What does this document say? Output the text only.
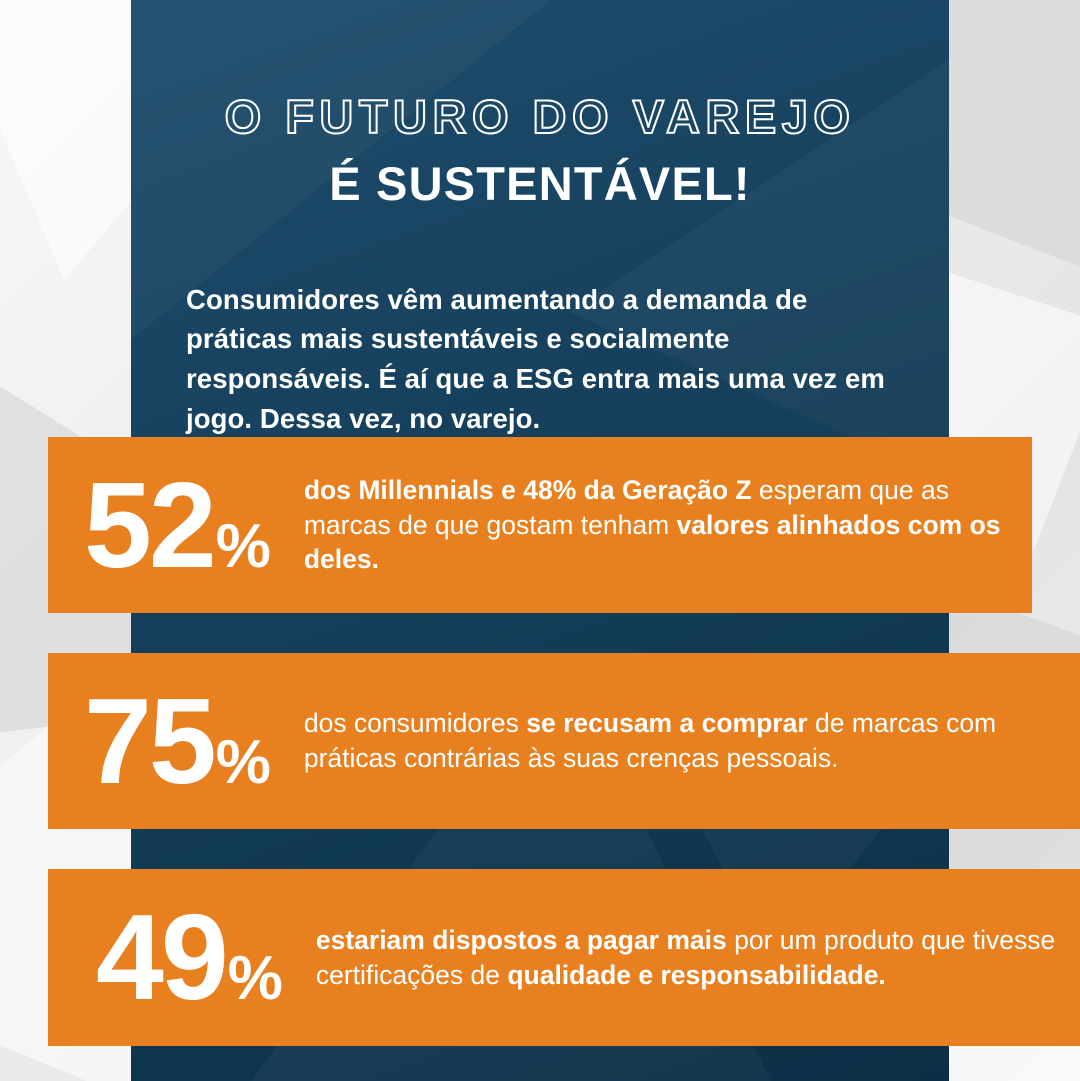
O FUTURO DO VAREJO
É SUSTENTÁVEL!

Consumidores vêm aumentando a demanda de práticas mais sustentáveis e socialmente responsáveis. É aí que a ESG entra mais uma vez em jogo. Dessa vez, no varejo.

52 %
dos Millennials e 48% da Geração Z esperam que as marcas de que gostam tenham valores alinhados com os deles.
75 %
dos consumidores se recusam a comprar de marcas com práticas contrárias às suas crenças pessoais.
49 %
estariam dispostos a pagar mais por um produto que tivesse certificações de qualidade e responsabilidade.
